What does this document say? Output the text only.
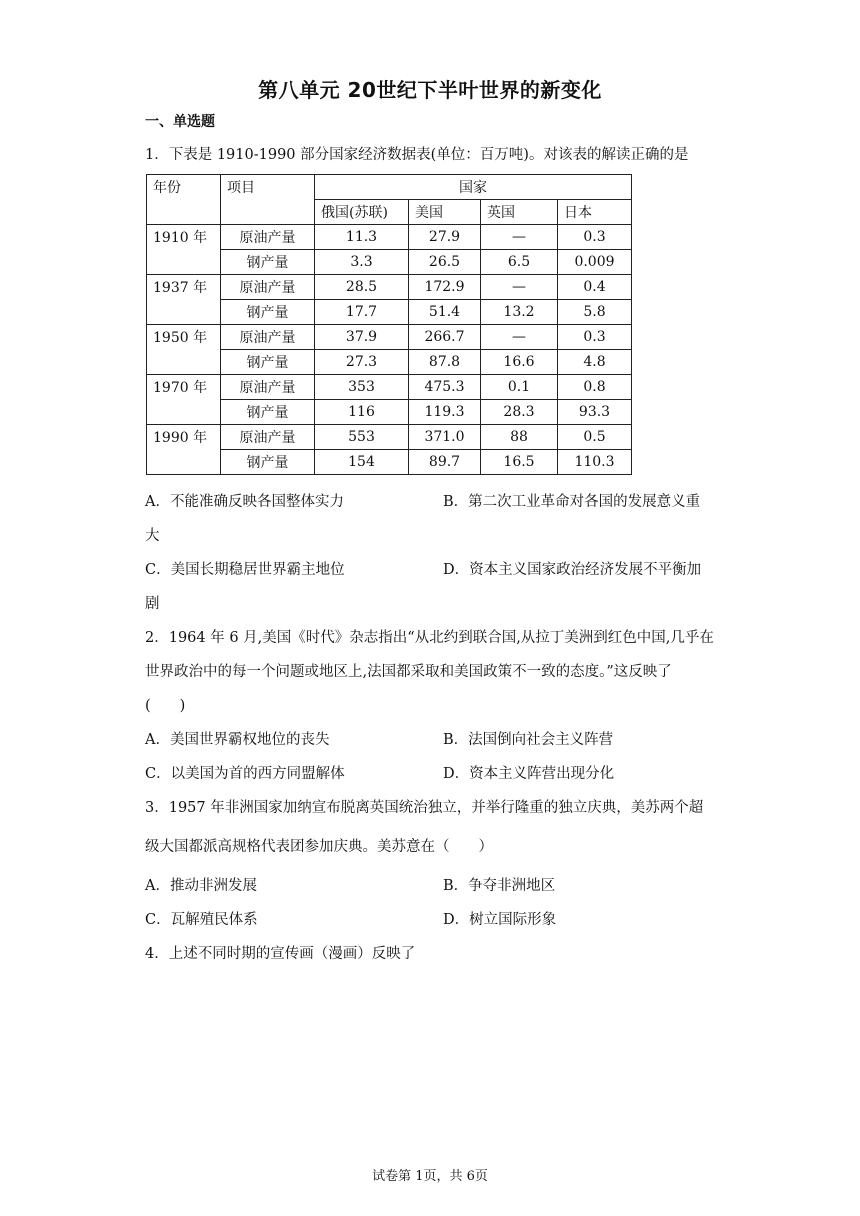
第八单元 20世纪下半叶世界的新变化
一、单选题
1．下表是 1910-1990 部分国家经济数据表(单位：百万吨)。对该表的解读正确的是
年份	项目	国家			
		俄国(苏联)	美国	英国	日本
1910 年	原油产量	11.3	27.9	—	0.3
	钢产量	3.3	26.5	6.5	0.009
1937 年	原油产量	28.5	172.9	—	0.4
	钢产量	17.7	51.4	13.2	5.8
1950 年	原油产量	37.9	266.7	—	0.3
	钢产量	27.3	87.8	16.6	4.8
1970 年	原油产量	353	475.3	0.1	0.8
	钢产量	116	119.3	28.3	93.3
1990 年	原油产量	553	371.0	88	0.5
	钢产量	154	89.7	16.5	110.3
A．不能准确反映各国整体实力	B．第二次工业革命对各国的发展意义重
大
C．美国长期稳居世界霸主地位	D．资本主义国家政治经济发展不平衡加
剧
2．1964 年 6 月,美国《时代》杂志指出“从北约到联合国,从拉丁美洲到红色中国,几乎在
世界政治中的每一个问题或地区上,法国都采取和美国政策不一致的态度。”这反映了
(　　)
A．美国世界霸权地位的丧失	B．法国倒向社会主义阵营
C．以美国为首的西方同盟解体	D．资本主义阵营出现分化
3．1957 年非洲国家加纳宣布脱离英国统治独立，并举行隆重的独立庆典，美苏两个超
级大国都派高规格代表团参加庆典。美苏意在（　　）
A．推动非洲发展	B．争夺非洲地区
C．瓦解殖民体系	D．树立国际形象
4．上述不同时期的宣传画（漫画）反映了
试卷第 1页，共 6页
